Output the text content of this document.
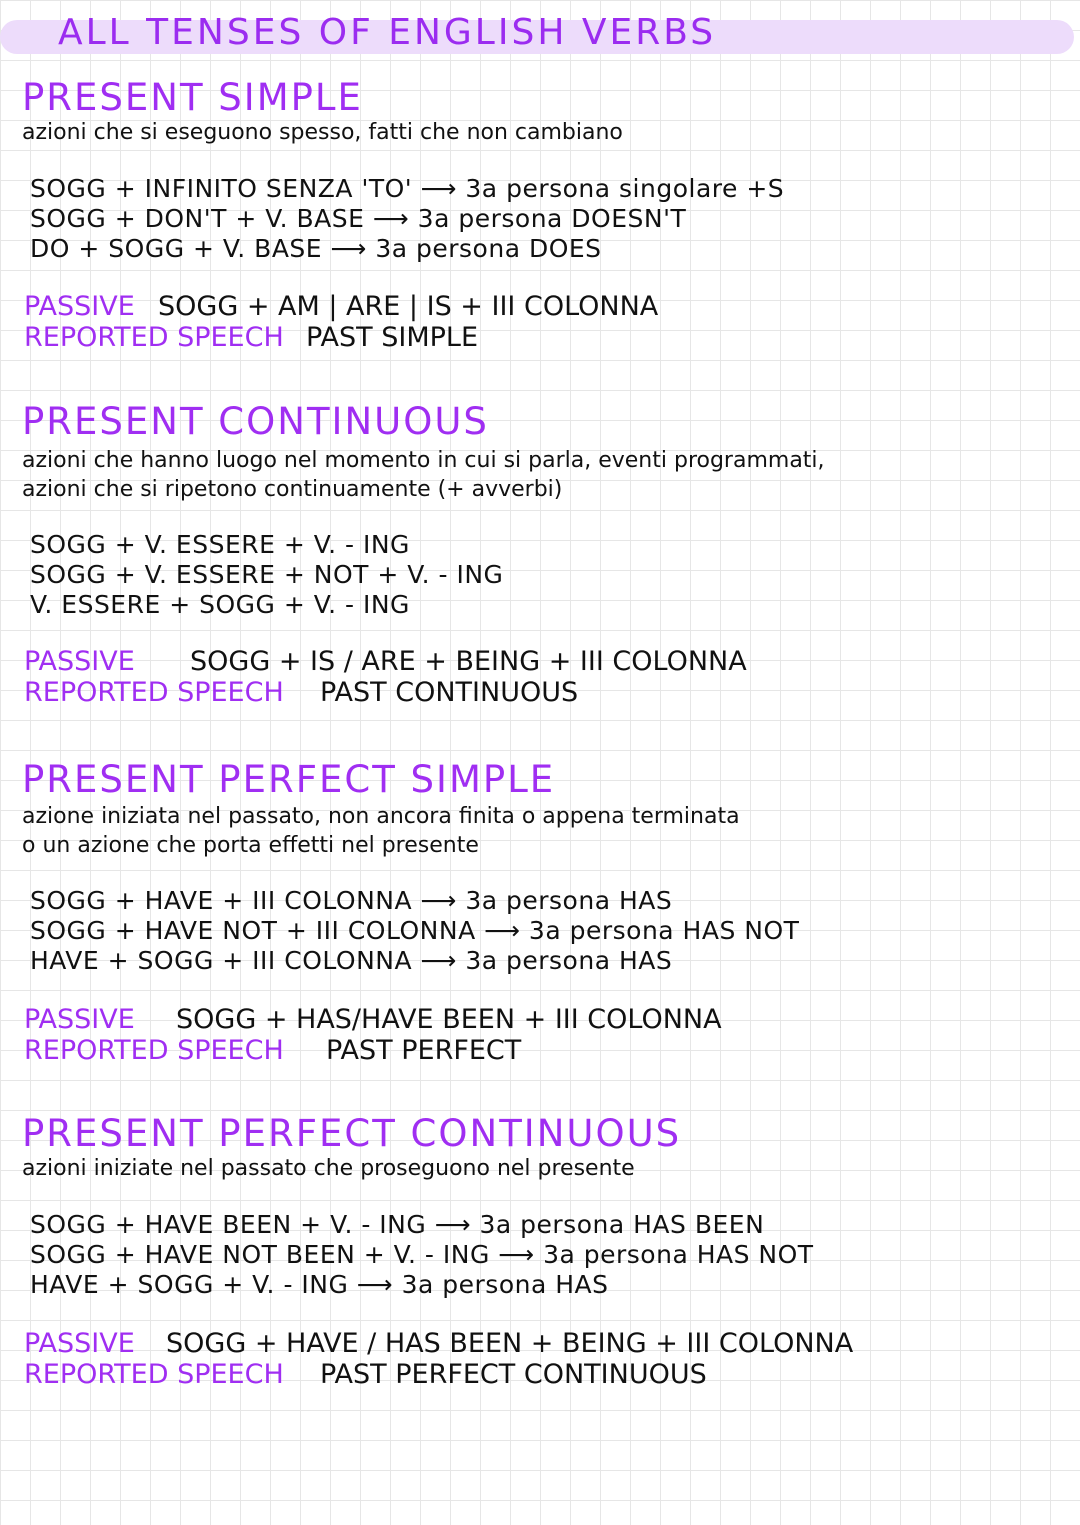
ALL TENSES OF ENGLISH VERBS
PRESENT SIMPLE
azioni che si eseguono spesso, fatti che non cambiano
SOGG + INFINITO SENZA 'TO' ⟶ 3a persona singolare +S
SOGG + DON'T + V. BASE ⟶ 3a persona DOESN'T
DO + SOGG + V. BASE ⟶ 3a persona DOES
PASSIVE SOGG + AM | ARE | IS + III COLONNA
REPORTED SPEECH PAST SIMPLE
PRESENT CONTINUOUS
azioni che hanno luogo nel momento in cui si parla, eventi programmati,
azioni che si ripetono continuamente (+ avverbi)
SOGG + V. ESSERE + V. - ING
SOGG + V. ESSERE + NOT + V. - ING
V. ESSERE + SOGG + V. - ING
PASSIVE SOGG + IS / ARE + BEING + III COLONNA
REPORTED SPEECH PAST CONTINUOUS
PRESENT PERFECT SIMPLE
azione iniziata nel passato, non ancora finita o appena terminata
o un azione che porta effetti nel presente
SOGG + HAVE + III COLONNA ⟶ 3a persona HAS
SOGG + HAVE NOT + III COLONNA ⟶ 3a persona HAS NOT
HAVE + SOGG + III COLONNA ⟶ 3a persona HAS
PASSIVE SOGG + HAS/HAVE BEEN + III COLONNA
REPORTED SPEECH PAST PERFECT
PRESENT PERFECT CONTINUOUS
azioni iniziate nel passato che proseguono nel presente
SOGG + HAVE BEEN + V. - ING ⟶ 3a persona HAS BEEN
SOGG + HAVE NOT BEEN + V. - ING ⟶ 3a persona HAS NOT
HAVE + SOGG + V. - ING ⟶ 3a persona HAS
PASSIVE SOGG + HAVE / HAS BEEN + BEING + III COLONNA
REPORTED SPEECH PAST PERFECT CONTINUOUS
